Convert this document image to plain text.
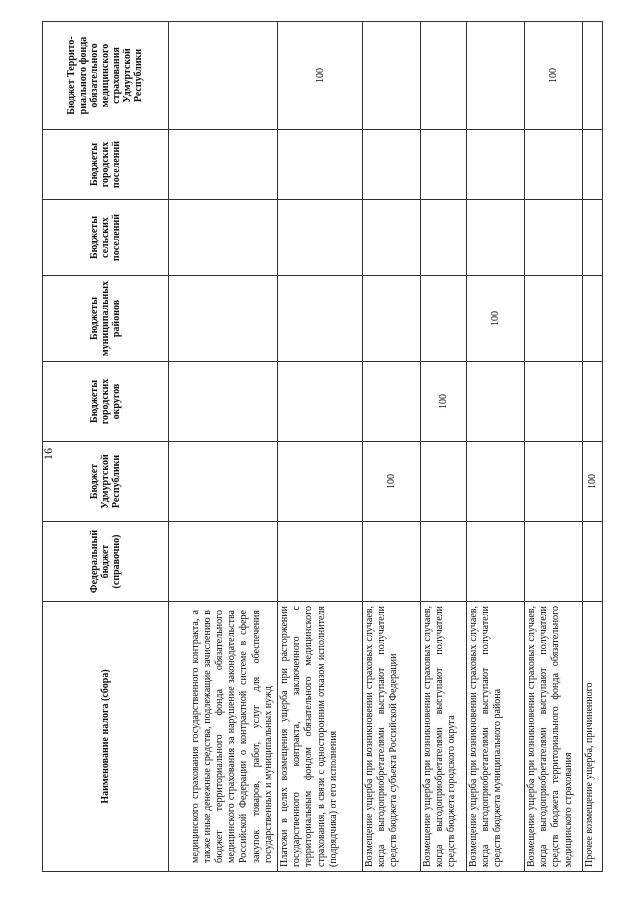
16
Наименование налога (сбора)	Федеральный бюджет (справочно)	Бюджет Удмуртской Республики	Бюджеты городских округов	Бюджеты муниципальных районов	Бюджеты сельских поселений	Бюджеты городских поселений	Бюджет Террито-риального фонда обязательного медицинского страхования Удмуртской Республики

медицинского страхования государственного контракта, а также иные денежные средства, подлежащие зачислению в бюджет территориального фонда обязательного медицинского страхования за нарушение законодательства Российской Федерации о контрактной системе в сфере закупок товаров, работ, услуг для обеспечения государственных и муниципальных нужд							

Платежи в целях возмещения ущерба при расторжении государственного контракта, заключенного с территориальным фондом обязательного медицинского страхования, в связи с односторонним отказом исполнителя (подрядчика) от его исполнения							100
Возмещение ущерба при возникновении страховых случаев, когда выгодоприобретателями выступают получатели средств бюджета субъекта Российской Федерации		100					
Возмещение ущерба при возникновении страховых случаев, когда выгодоприобретателями выступают получатели средств бюджета городского округа			100				
Возмещение ущерба при возникновении страховых случаев, когда выгодоприобретателями выступают получатели средств бюджета муниципального района				100			
Возмещение ущерба при возникновении страховых случаев, когда выгодоприобретателями выступают получатели средств бюджета территориального фонда обязательного медицинского страхования							100

Прочее возмещение ущерба, причиненного		100					
